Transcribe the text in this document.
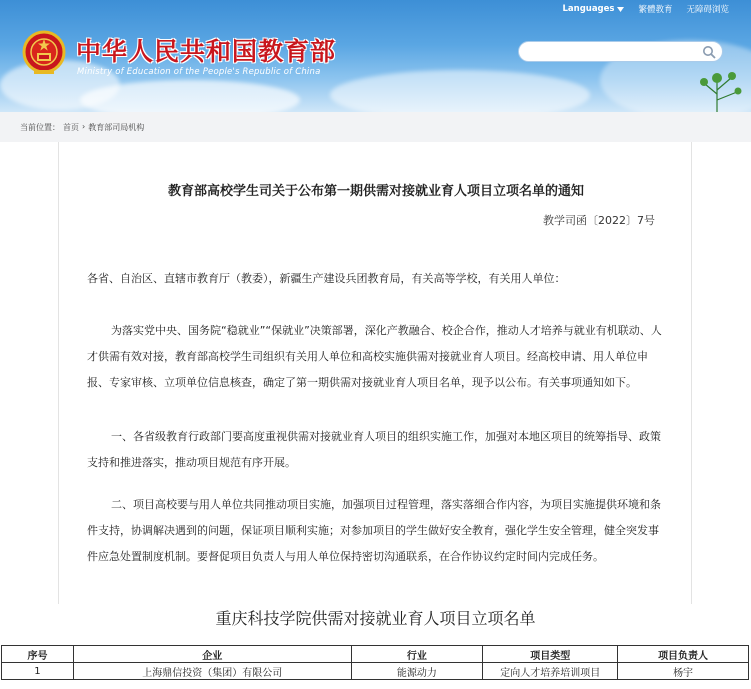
Languages	繁體教育 无障碍浏览
中华人民共和国教育部
Ministry of Education of the People's Republic of China
当前位置： 首页 › 教育部司局机构
教育部高校学生司关于公布第一期供需对接就业育人项目立项名单的通知
教学司函〔2022〕7号
各省、自治区、直辖市教育厅（教委），新疆生产建设兵团教育局，有关高等学校，有关用人单位：
为落实党中央、国务院“稳就业”“保就业”决策部署，深化产教融合、校企合作，推动人才培养与就业有机联动、人才供需有效对接，教育部高校学生司组织有关用人单位和高校实施供需对接就业育人项目。经高校申请、用人单位申报、专家审核、立项单位信息核查，确定了第一期供需对接就业育人项目名单，现予以公布。有关事项通知如下。
一、各省级教育行政部门要高度重视供需对接就业育人项目的组织实施工作，加强对本地区项目的统筹指导、政策支持和推进落实，推动项目规范有序开展。
二、项目高校要与用人单位共同推动项目实施，加强项目过程管理，落实落细合作内容，为项目实施提供环境和条件支持，协调解决遇到的问题，保证项目顺利实施；对参加项目的学生做好安全教育，强化学生安全管理，健全突发事件应急处置制度机制。要督促项目负责人与用人单位保持密切沟通联系，在合作协议约定时间内完成任务。
重庆科技学院供需对接就业育人项目立项名单
序号	企业	行业	项目类型	项目负责人
1	上海鼎信投资（集团）有限公司	能源动力	定向人才培养培训项目	杨宇
